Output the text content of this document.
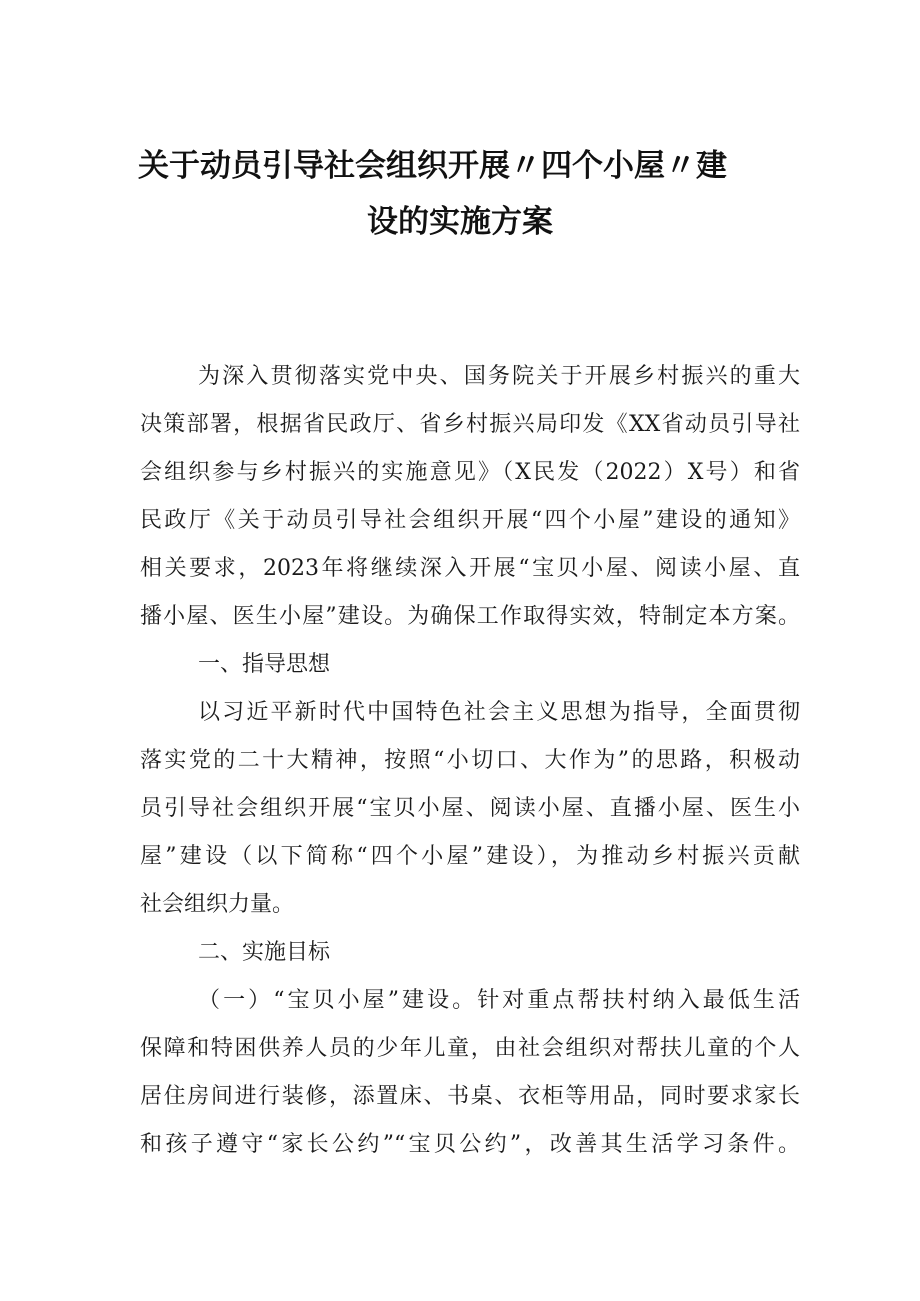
关于动员引导社会组织开展〃四个小屋〃建
设的实施方案
为深入贯彻落实党中央、国务院关于开展乡村振兴的重大
决策部署，根据省民政厅、省乡村振兴局印发《XX省动员引导社
会组织参与乡村振兴的实施意见》（X民发（2022）X号）和省
民政厅《关于动员引导社会组织开展“四个小屋”建设的通知》
相关要求，2023年将继续深入开展“宝贝小屋、阅读小屋、直
播小屋、医生小屋”建设。为确保工作取得实效，特制定本方案。
一、指导思想
以习近平新时代中国特色社会主义思想为指导，全面贯彻
落实党的二十大精神，按照“小切口、大作为”的思路，积极动
员引导社会组织开展“宝贝小屋、阅读小屋、直播小屋、医生小
屋”建设（以下简称“四个小屋”建设），为推动乡村振兴贡献
社会组织力量。
二、实施目标
（一）“宝贝小屋”建设。针对重点帮扶村纳入最低生活
保障和特困供养人员的少年儿童，由社会组织对帮扶儿童的个人
居住房间进行装修，添置床、书桌、衣柜等用品，同时要求家长
和孩子遵守“家长公约”“宝贝公约”，改善其生活学习条件。
